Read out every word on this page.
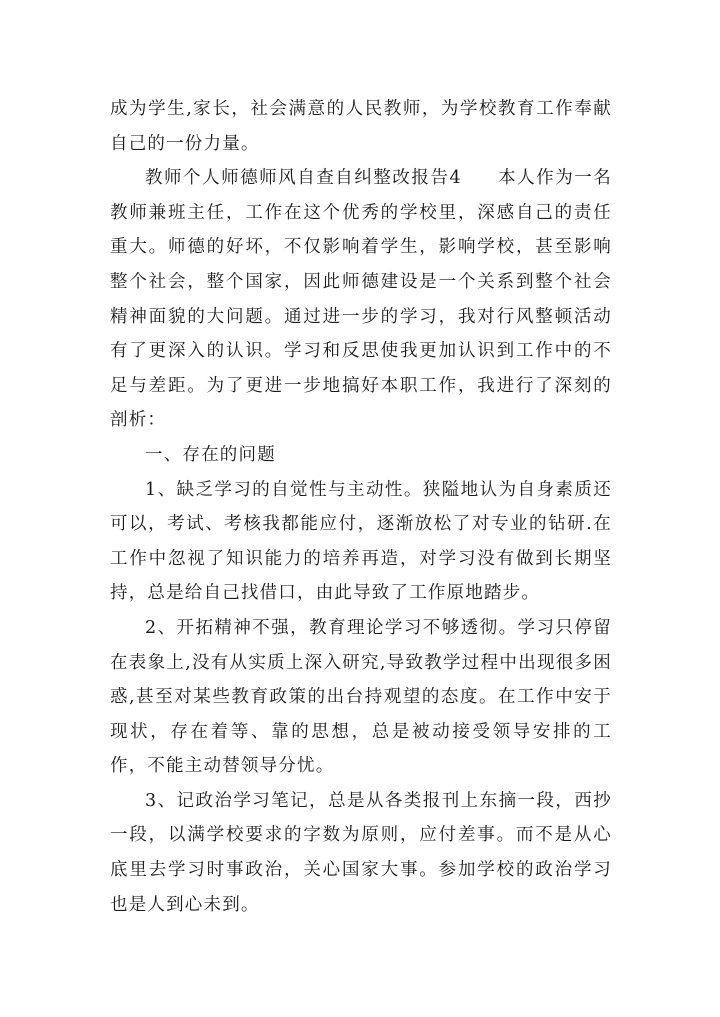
成为学生,家长，社会满意的人民教师，为学校教育工作奉献自己的一份力量。

教师个人师德师风自查自纠整改报告4 本人作为一名教师兼班主任，工作在这个优秀的学校里，深感自己的责任重大。师德的好坏，不仅影响着学生，影响学校，甚至影响整个社会，整个国家，因此师德建设是一个关系到整个社会精神面貌的大问题。通过进一步的学习，我对行风整顿活动有了更深入的认识。学习和反思使我更加认识到工作中的不足与差距。为了更进一步地搞好本职工作，我进行了深刻的剖析：

一、存在的问题

1、缺乏学习的自觉性与主动性。狭隘地认为自身素质还可以，考试、考核我都能应付，逐渐放松了对专业的钻研.在工作中忽视了知识能力的培养再造，对学习没有做到长期坚持，总是给自己找借口，由此导致了工作原地踏步。

2、开拓精神不强，教育理论学习不够透彻。学习只停留在表象上,没有从实质上深入研究,导致教学过程中出现很多困惑,甚至对某些教育政策的出台持观望的态度。在工作中安于现状，存在着等、靠的思想，总是被动接受领导安排的工作，不能主动替领导分忧。

3、记政治学习笔记，总是从各类报刊上东摘一段，西抄一段，以满学校要求的字数为原则，应付差事。而不是从心底里去学习时事政治，关心国家大事。参加学校的政治学习也是人到心未到。
